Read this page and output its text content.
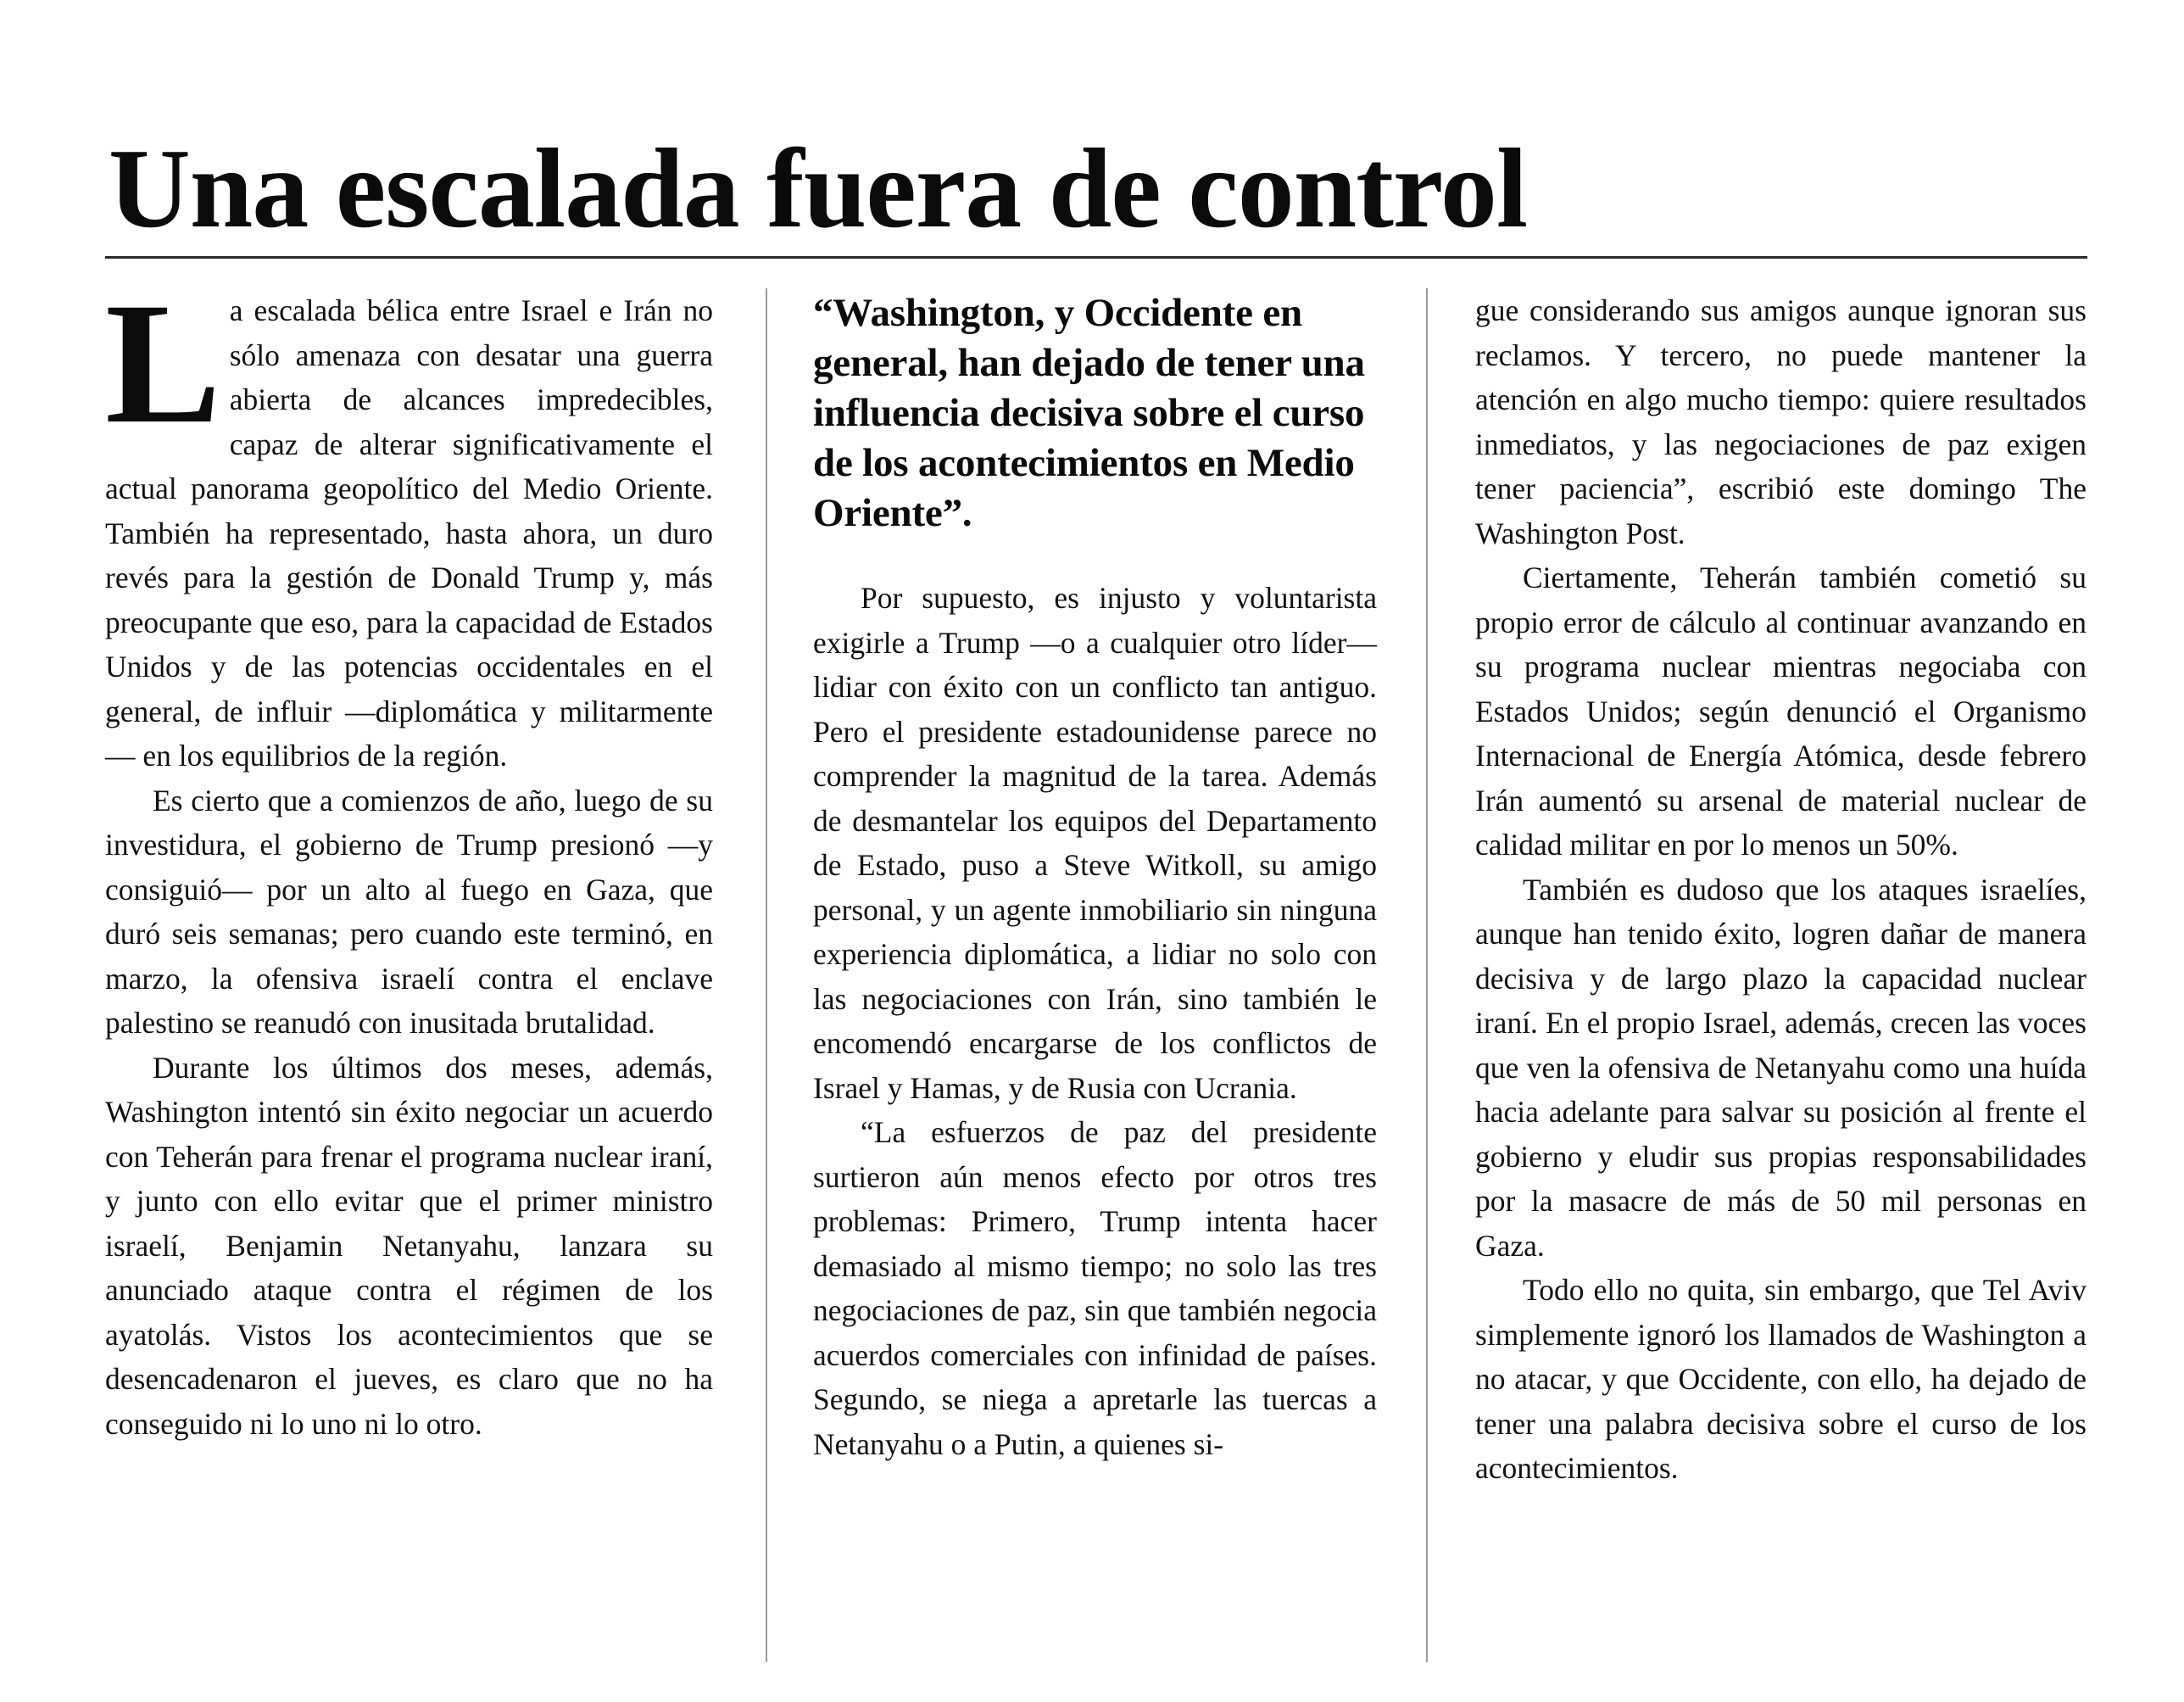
Una escalada fuera de control

La escalada bélica entre Israel e Irán no sólo amenaza con desatar una guerra abierta de alcances impredecibles, capaz de alterar significativamente el actual panorama geopolítico del Medio Oriente. También ha representado, hasta ahora, un duro revés para la gestión de Donald Trump y, más preocupante que eso, para la capacidad de Estados Unidos y de las potencias occidentales en el general, de influir —diplomática y militarmente— en los equilibrios de la región.

Es cierto que a comienzos de año, luego de su investidura, el gobierno de Trump presionó —y consiguió— por un alto al fuego en Gaza, que duró seis semanas; pero cuando este terminó, en marzo, la ofensiva israelí contra el enclave palestino se reanudó con inusitada brutalidad.

Durante los últimos dos meses, además, Washington intentó sin éxito negociar un acuerdo con Teherán para frenar el programa nuclear iraní, y junto con ello evitar que el primer ministro israelí, Benjamin Netanyahu, lanzara su anunciado ataque contra el régimen de los ayatolás. Vistos los acontecimientos que se desencadenaron el jueves, es claro que no ha conseguido ni lo uno ni lo otro.

“Washington, y Occidente en general, han dejado de tener una influencia decisiva sobre el curso de los acontecimientos en Medio Oriente”.

Por supuesto, es injusto y voluntarista exigirle a Trump —o a cualquier otro líder— lidiar con éxito con un conflicto tan antiguo. Pero el presidente estadounidense parece no comprender la magnitud de la tarea. Además de desmantelar los equipos del Departamento de Estado, puso a Steve Witkoll, su amigo personal, y un agente inmobiliario sin ninguna experiencia diplomática, a lidiar no solo con las negociaciones con Irán, sino también le encomendó encargarse de los conflictos de Israel y Hamas, y de Rusia con Ucrania.

“La esfuerzos de paz del presidente surtieron aún menos efecto por otros tres problemas: Primero, Trump intenta hacer demasiado al mismo tiempo; no solo las tres negociaciones de paz, sin que también negocia acuerdos comerciales con infinidad de países. Segundo, se niega a apretarle las tuercas a Netanyahu o a Putin, a quienes si-

gue considerando sus amigos aunque ignoran sus reclamos. Y tercero, no puede mantener la atención en algo mucho tiempo: quiere resultados inmediatos, y las negociaciones de paz exigen tener paciencia”, escribió este domingo The Washington Post.

Ciertamente, Teherán también cometió su propio error de cálculo al continuar avanzando en su programa nuclear mientras negociaba con Estados Unidos; según denunció el Organismo Internacional de Energía Atómica, desde febrero Irán aumentó su arsenal de material nuclear de calidad militar en por lo menos un 50%.

También es dudoso que los ataques israelíes, aunque han tenido éxito, logren dañar de manera decisiva y de largo plazo la capacidad nuclear iraní. En el propio Israel, además, crecen las voces que ven la ofensiva de Netanyahu como una huída hacia adelante para salvar su posición al frente el gobierno y eludir sus propias responsabilidades por la masacre de más de 50 mil personas en Gaza.

Todo ello no quita, sin embargo, que Tel Aviv simplemente ignoró los llamados de Washington a no atacar, y que Occidente, con ello, ha dejado de tener una palabra decisiva sobre el curso de los acontecimientos.
